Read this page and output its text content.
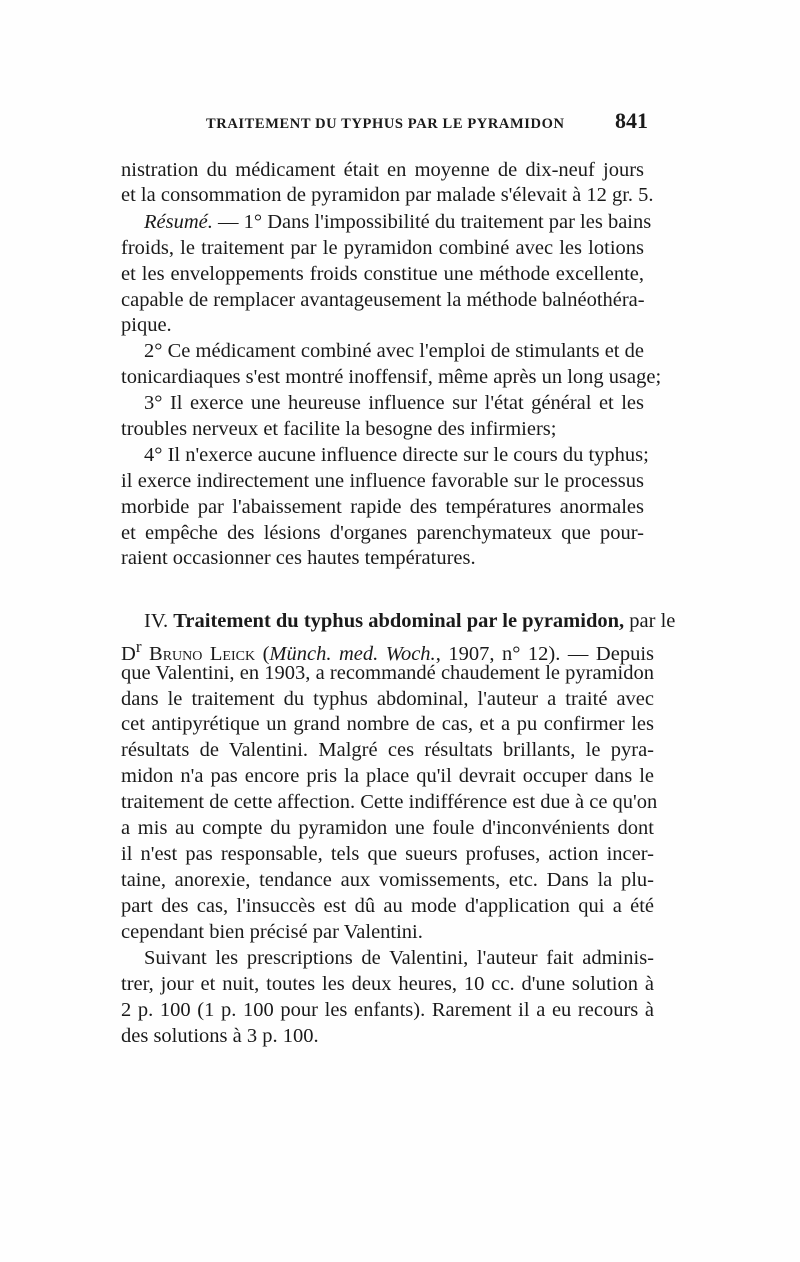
TRAITEMENT DU TYPHUS PAR LE PYRAMIDON 841
nistration du médicament était en moyenne de dix-neuf jours
et la consommation de pyramidon par malade s'élevait à 12 gr. 5.
Résumé. — 1° Dans l'impossibilité du traitement par les bains
froids, le traitement par le pyramidon combiné avec les lotions
et les enveloppements froids constitue une méthode excellente,
capable de remplacer avantageusement la méthode balnéothéra-
pique.
2° Ce médicament combiné avec l'emploi de stimulants et de
tonicardiaques s'est montré inoffensif, même après un long usage;
3° Il exerce une heureuse influence sur l'état général et les
troubles nerveux et facilite la besogne des infirmiers;
4° Il n'exerce aucune influence directe sur le cours du typhus;
il exerce indirectement une influence favorable sur le processus
morbide par l'abaissement rapide des températures anormales
et empêche des lésions d'organes parenchymateux que pour-
raient occasionner ces hautes températures.
IV. Traitement du typhus abdominal par le pyramidon, par le
$D^r$ Bruno Leick (Münch. med. Woch., 1907, n° 12). — Depuis
que Valentini, en 1903, a recommandé chaudement le pyramidon
dans le traitement du typhus abdominal, l'auteur a traité avec
cet antipyrétique un grand nombre de cas, et a pu confirmer les
résultats de Valentini. Malgré ces résultats brillants, le pyra-
midon n'a pas encore pris la place qu'il devrait occuper dans le
traitement de cette affection. Cette indifférence est due à ce qu'on
a mis au compte du pyramidon une foule d'inconvénients dont
il n'est pas responsable, tels que sueurs profuses, action incer-
taine, anorexie, tendance aux vomissements, etc. Dans la plu-
part des cas, l'insuccès est dû au mode d'application qui a été
cependant bien précisé par Valentini.
Suivant les prescriptions de Valentini, l'auteur fait adminis-
trer, jour et nuit, toutes les deux heures, 10 cc. d'une solution à
2 p. 100 (1 p. 100 pour les enfants). Rarement il a eu recours à
des solutions à 3 p. 100.
